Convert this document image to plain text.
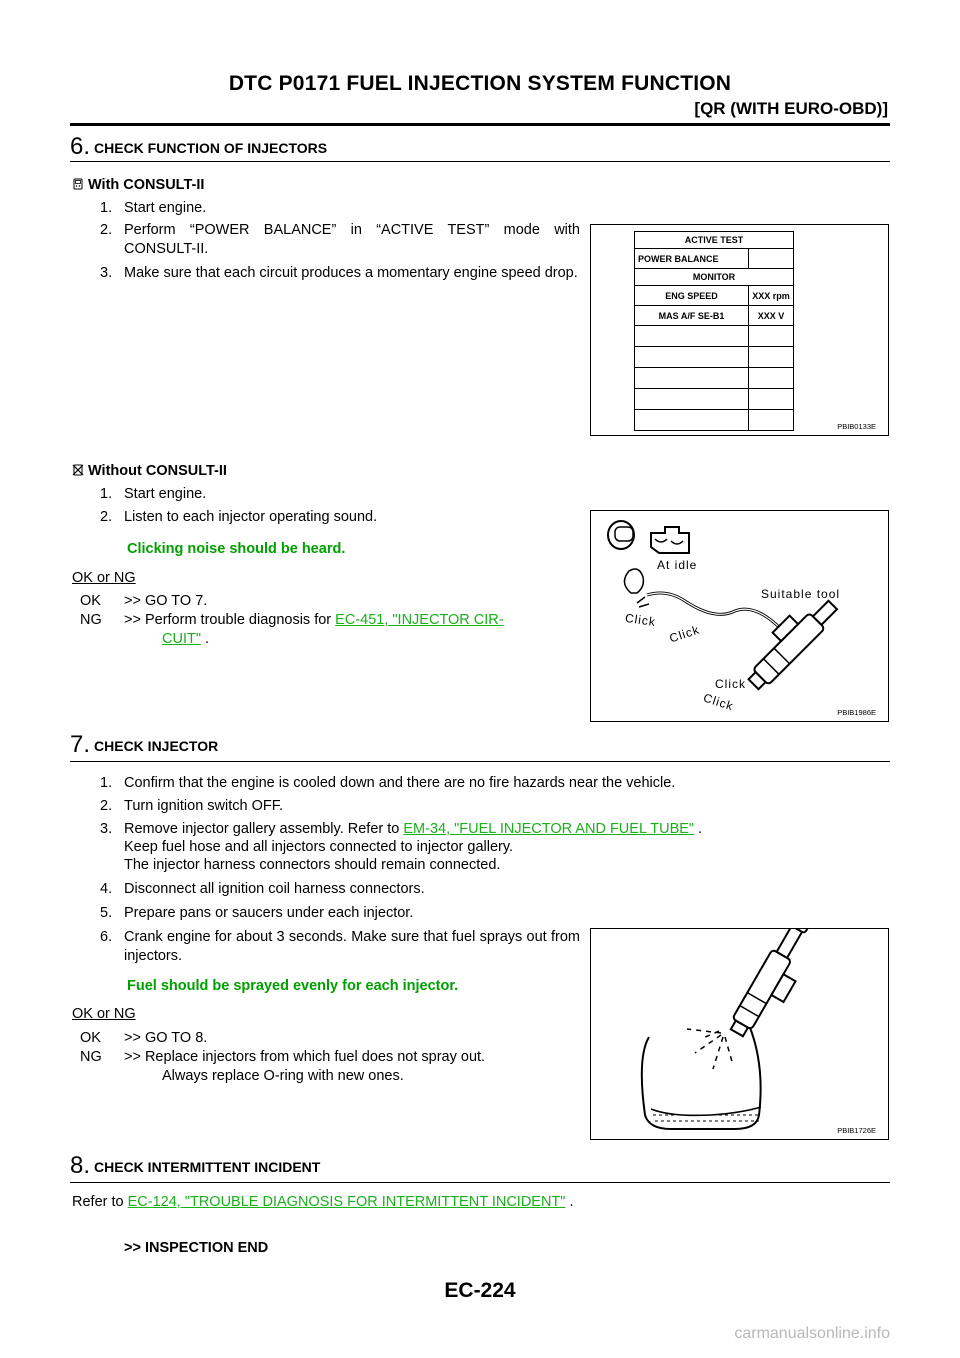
DTC P0171 FUEL INJECTION SYSTEM FUNCTION
[QR (WITH EURO-OBD)]
6. CHECK FUNCTION OF INJECTORS
With CONSULT-II
1. Start engine.
2. Perform “POWER BALANCE” in “ACTIVE TEST” mode with CONSULT-II.
3. Make sure that each circuit produces a momentary engine speed drop.
ACTIVE TEST	
POWER BALANCE	
MONITOR	
ENG SPEED	XXX rpm
MAS A/F SE-B1	XXX V

PBIB0133E
Without CONSULT-II
1. Start engine.
2. Listen to each injector operating sound.
Clicking noise should be heard.
OK or NG
OK >> GO TO 7.
NG >> Perform trouble diagnosis for EC-451, "INJECTOR CIR-
CUIT" .
At idle
Suitable tool
Click
Click
Click
Click	PBIB1986E
7. CHECK INJECTOR
1. Confirm that the engine is cooled down and there are no fire hazards near the vehicle.
2. Turn ignition switch OFF.
3. Remove injector gallery assembly. Refer to EM-34, "FUEL INJECTOR AND FUEL TUBE" .
Keep fuel hose and all injectors connected to injector gallery.
The injector harness connectors should remain connected.
4. Disconnect all ignition coil harness connectors.
5. Prepare pans or saucers under each injector.
6. Crank engine for about 3 seconds. Make sure that fuel sprays out from injectors.
Fuel should be sprayed evenly for each injector.
OK or NG
OK >> GO TO 8.
NG >> Replace injectors from which fuel does not spray out.
Always replace O-ring with new ones.
PBIB1726E
8. CHECK INTERMITTENT INCIDENT
Refer to EC-124, "TROUBLE DIAGNOSIS FOR INTERMITTENT INCIDENT" .
>> INSPECTION END
EC-224
carmanualsonline.info
